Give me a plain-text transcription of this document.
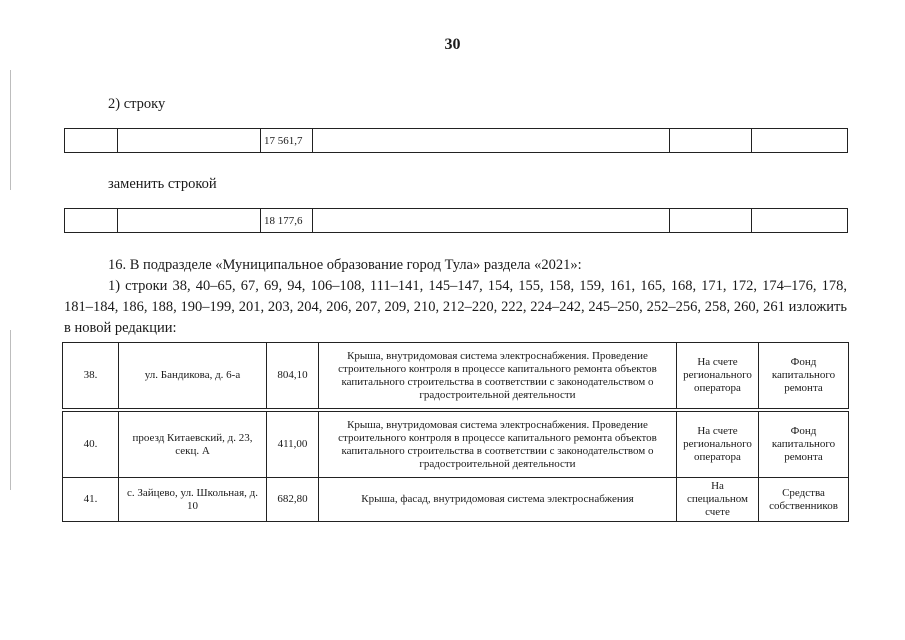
30
2) строку
		17 561,7			
заменить строкой
		18 177,6			

16. В подразделе «Муниципальное образование город Тула» раздела «2021»:

1) строки 38, 40–65, 67, 69, 94, 106–108, 111–141, 145–147, 154, 155, 158, 159, 161, 165, 168, 171, 172, 174–176, 178, 181–184, 186, 188, 190–199, 201, 203, 204, 206, 207, 209, 210, 212–220, 222, 224–242, 245–250, 252–256, 258, 260, 261 изложить в новой редакции:

38.	ул. Бандикова, д. 6-а	804,10	Крыша, внутридомовая система электроснабжения. Проведение строительного контроля в процессе капитального ремонта объектов капитального строительства в соответствии с законодательством о градостроительной деятельности	На счете регионального оператора	Фонд капитального ремонта
40.	проезд Китаевский, д. 23, секц. А	411,00	Крыша, внутридомовая система электроснабжения. Проведение строительного контроля в процессе капитального ремонта объектов капитального строительства в соответствии с законодательством о градостроительной деятельности	На счете регионального оператора	Фонд капитального ремонта
41.	с. Зайцево, ул. Школьная, д. 10	682,80	Крыша, фасад, внутридомовая система электроснабжения	На специальном счете	Средства собственников
